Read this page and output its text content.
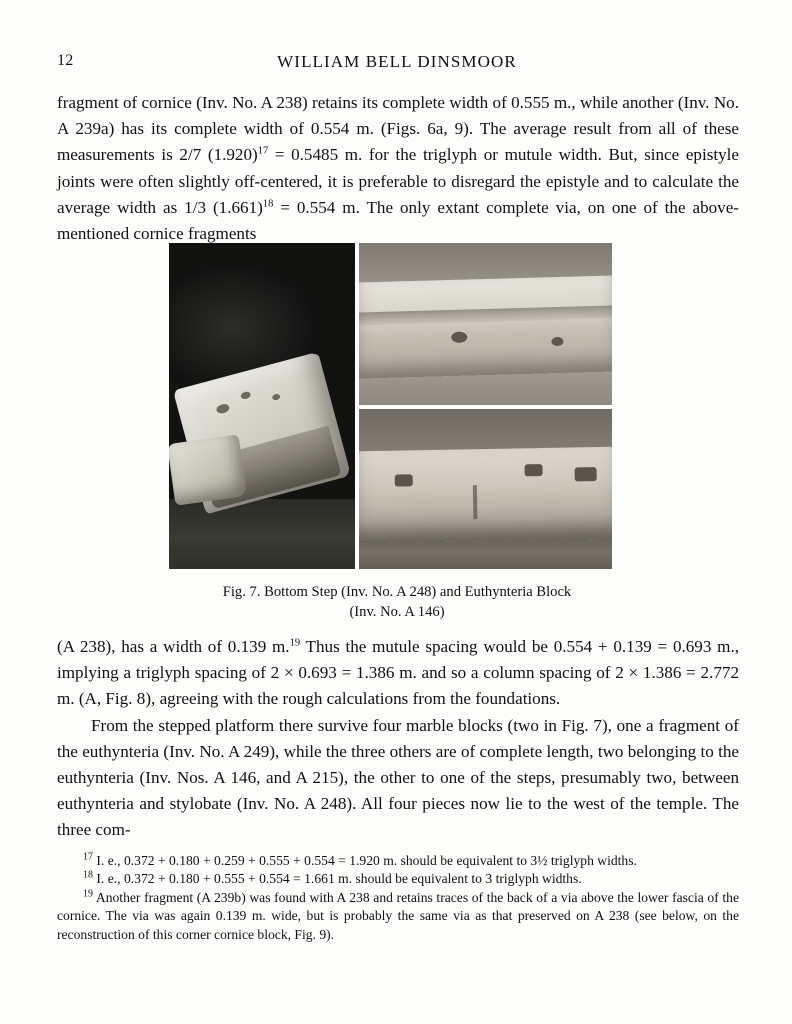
12	WILLIAM BELL DINSMOOR
fragment of cornice (Inv. No. A 238) retains its complete width of 0.555 m., while another (Inv. No. A 239a) has its complete width of 0.554 m. (Figs. 6a, 9). The average result from all of these measurements is 2/7 $(1.920)^{17} = 0.5485$ m. for the triglyph or mutule width. But, since epistyle joints were often slightly off-centered, it is preferable to disregard the epistyle and to calculate the average width as 1/3 $(1.661)^{18} = 0.554$ m. The only extant complete via, on one of the above-mentioned cornice fragments
Fig. 7. Bottom Step (Inv. No. A 248) and Euthynteria Block
(Inv. No. A 146)
(A 238), has a width of 0.139 m.$^{19}$ Thus the mutule spacing would be 0.554 + 0.139 = 0.693 m., implying a triglyph spacing of 2 × 0.693 = 1.386 m. and so a column spacing of 2 × 1.386 = 2.772 m. (A, Fig. 8), agreeing with the rough calculations from the foundations.
From the stepped platform there survive four marble blocks (two in Fig. 7), one a fragment of the euthynteria (Inv. No. A 249), while the three others are of complete length, two belonging to the euthynteria (Inv. Nos. A 146, and A 215), the other to one of the steps, presumably two, between euthynteria and stylobate (Inv. No. A 248). All four pieces now lie to the west of the temple. The three com-

$^{17}$ I. e., 0.372 + 0.180 + 0.259 + 0.555 + 0.554 = 1.920 m. should be equivalent to 3½ triglyph widths.

$^{18}$ I. e., 0.372 + 0.180 + 0.555 + 0.554 = 1.661 m. should be equivalent to 3 triglyph widths.

$^{19}$ Another fragment (A 239b) was found with A 238 and retains traces of the back of a via above the lower fascia of the cornice. The via was again 0.139 m. wide, but is probably the same via as that preserved on A 238 (see below, on the reconstruction of this corner cornice block, Fig. 9).
